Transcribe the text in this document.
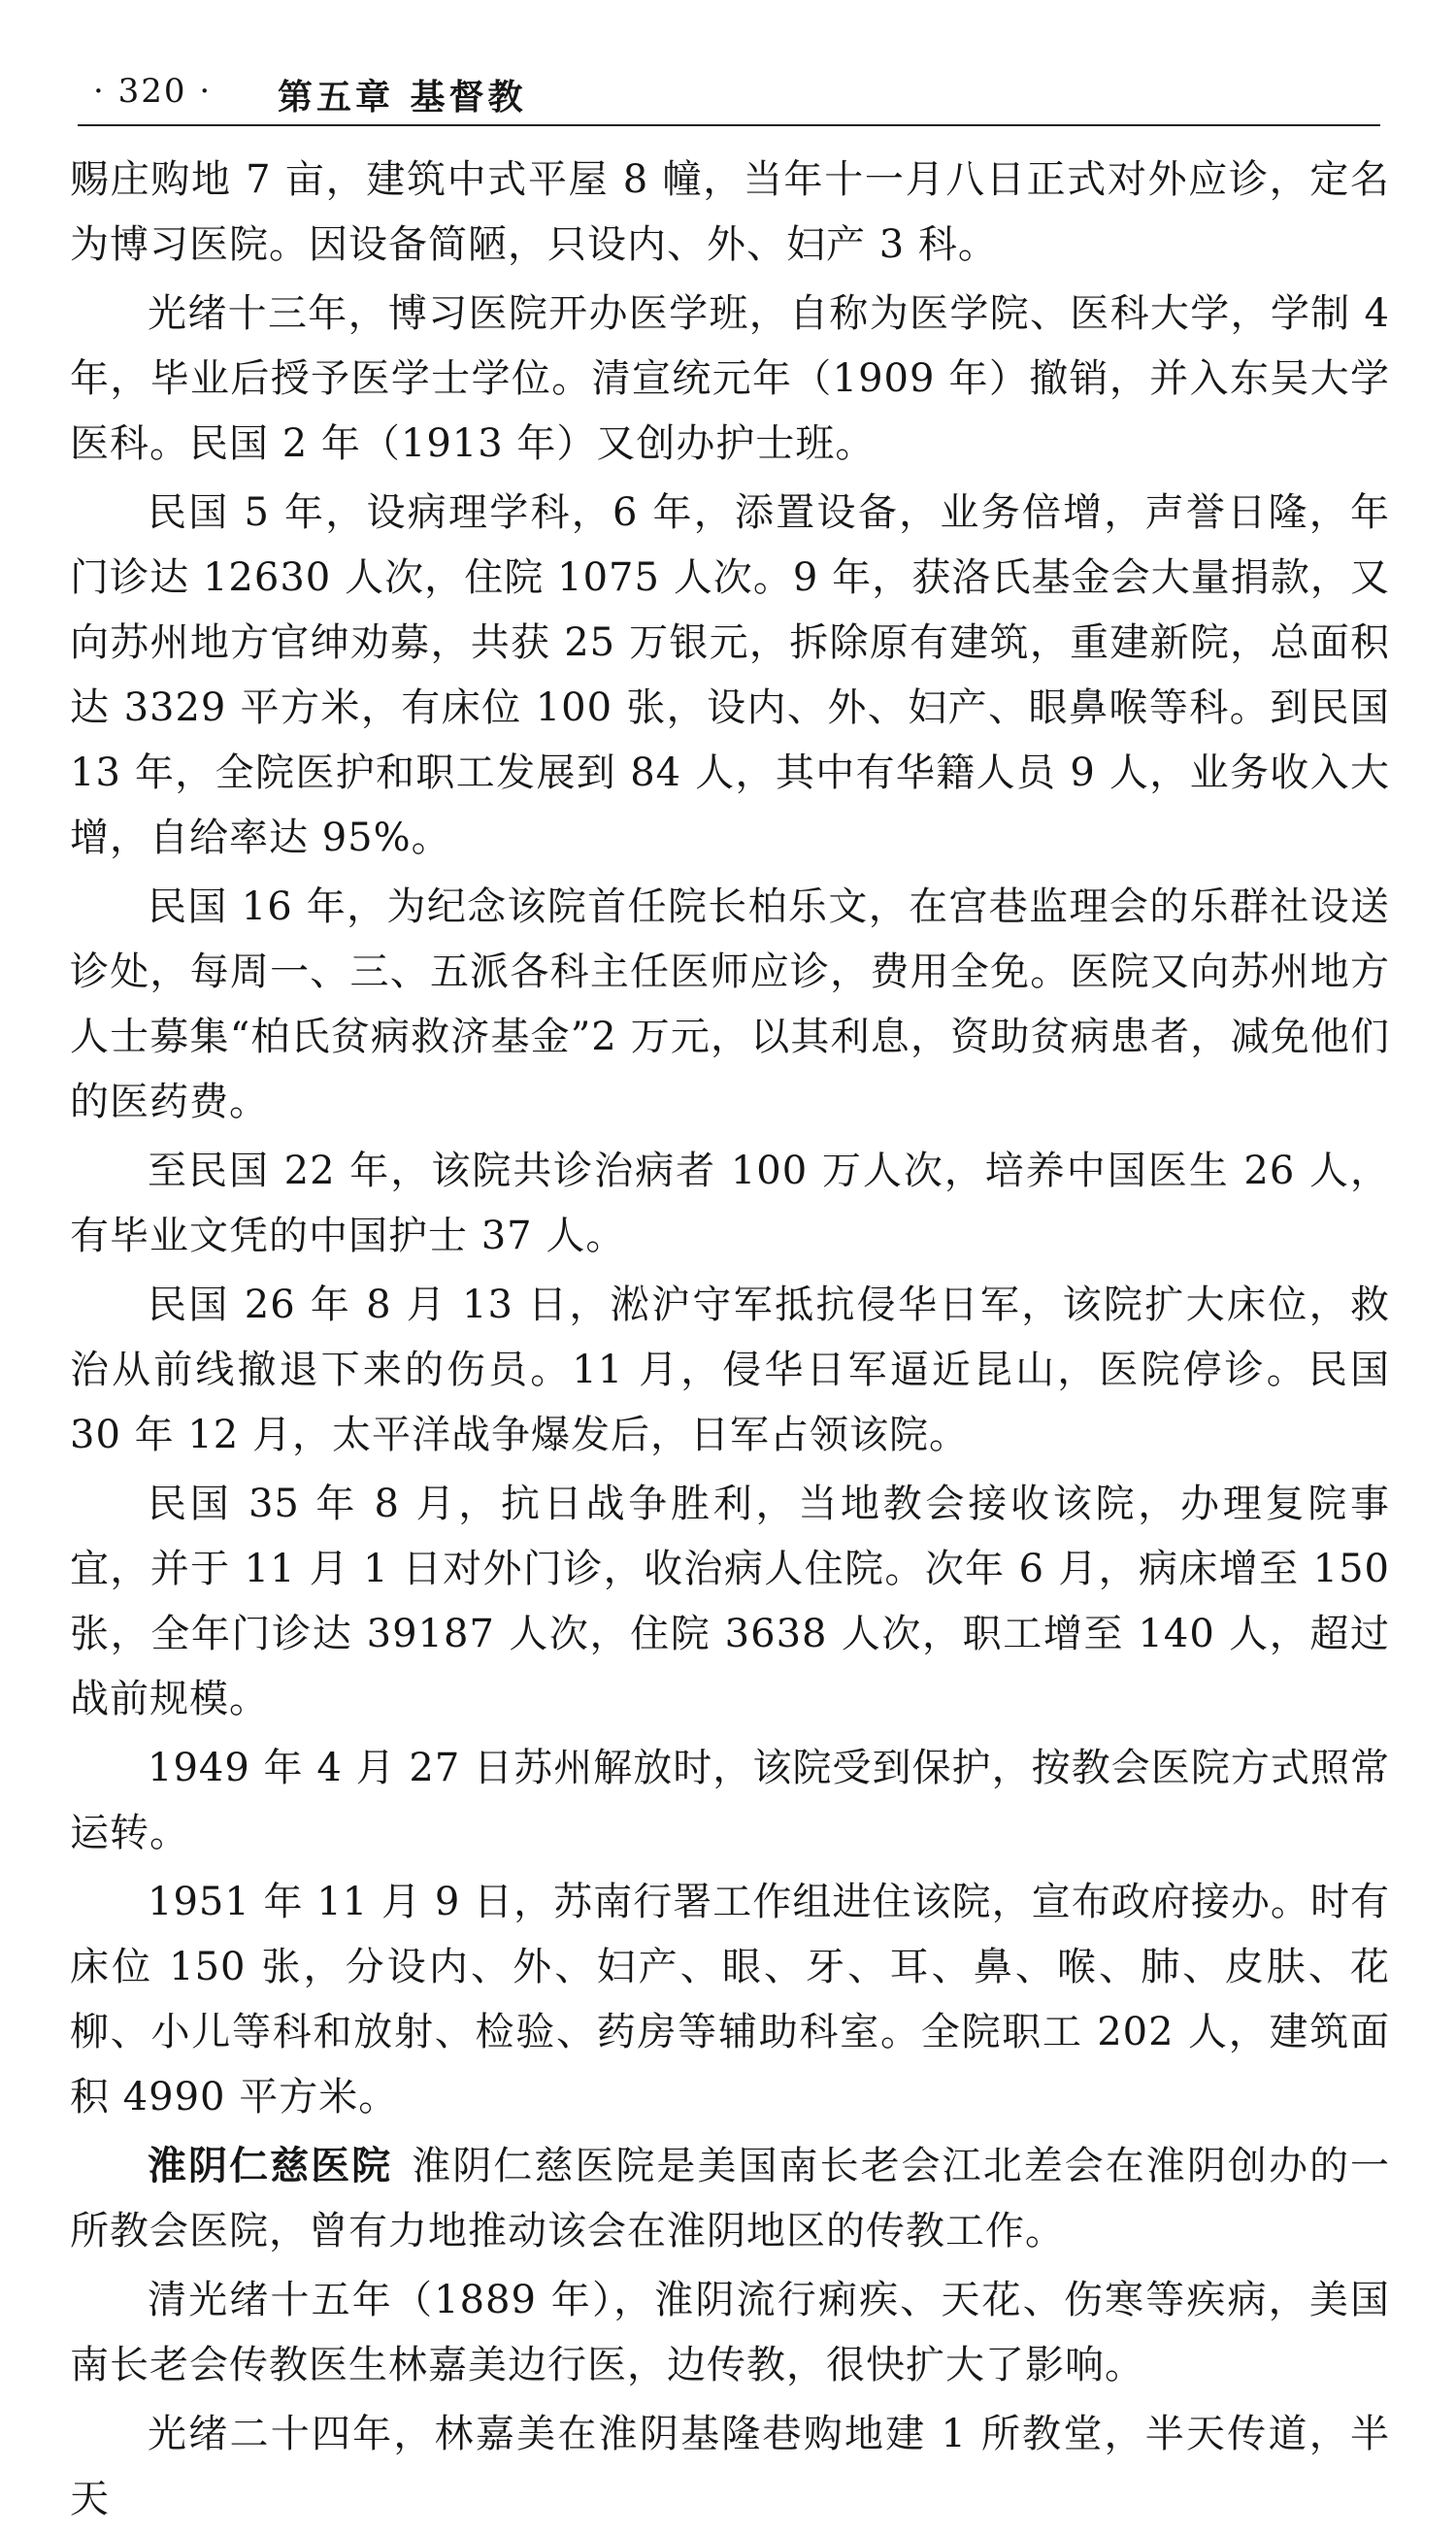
· 320 · 第五章 基督教

赐庄购地 7 亩，建筑中式平屋 8 幢，当年十一月八日正式对外应诊，定名为博习医院。因设备简陋，只设内、外、妇产 3 科。

光绪十三年，博习医院开办医学班，自称为医学院、医科大学，学制 4 年，毕业后授予医学士学位。清宣统元年（1909 年）撤销，并入东吴大学医科。民国 2 年（1913 年）又创办护士班。

民国 5 年，设病理学科，6 年，添置设备，业务倍增，声誉日隆，年门诊达 12630 人次，住院 1075 人次。9 年，获洛氏基金会大量捐款，又向苏州地方官绅劝募，共获 25 万银元，拆除原有建筑，重建新院，总面积达 3329 平方米，有床位 100 张，设内、外、妇产、眼鼻喉等科。到民国 13 年，全院医护和职工发展到 84 人，其中有华籍人员 9 人，业务收入大增，自给率达 95%。

民国 16 年，为纪念该院首任院长柏乐文，在宫巷监理会的乐群社设送诊处，每周一、三、五派各科主任医师应诊，费用全免。医院又向苏州地方人士募集“柏氏贫病救济基金”2 万元，以其利息，资助贫病患者，减免他们的医药费。

至民国 22 年，该院共诊治病者 100 万人次，培养中国医生 26 人，有毕业文凭的中国护士 37 人。

民国 26 年 8 月 13 日，淞沪守军抵抗侵华日军，该院扩大床位，救治从前线撤退下来的伤员。11 月，侵华日军逼近昆山，医院停诊。民国 30 年 12 月，太平洋战争爆发后，日军占领该院。

民国 35 年 8 月，抗日战争胜利，当地教会接收该院，办理复院事宜，并于 11 月 1 日对外门诊，收治病人住院。次年 6 月，病床增至 150 张，全年门诊达 39187 人次，住院 3638 人次，职工增至 140 人，超过战前规模。

1949 年 4 月 27 日苏州解放时，该院受到保护，按教会医院方式照常运转。

1951 年 11 月 9 日，苏南行署工作组进住该院，宣布政府接办。时有床位 150 张，分设内、外、妇产、眼、牙、耳、鼻、喉、肺、皮肤、花柳、小儿等科和放射、检验、药房等辅助科室。全院职工 202 人，建筑面积 4990 平方米。

淮阴仁慈医院 淮阴仁慈医院是美国南长老会江北差会在淮阴创办的一所教会医院，曾有力地推动该会在淮阴地区的传教工作。

清光绪十五年（1889 年），淮阴流行痢疾、天花、伤寒等疾病，美国南长老会传教医生林嘉美边行医，边传教，很快扩大了影响。

光绪二十四年，林嘉美在淮阴基隆巷购地建 1 所教堂，半天传道，半天
